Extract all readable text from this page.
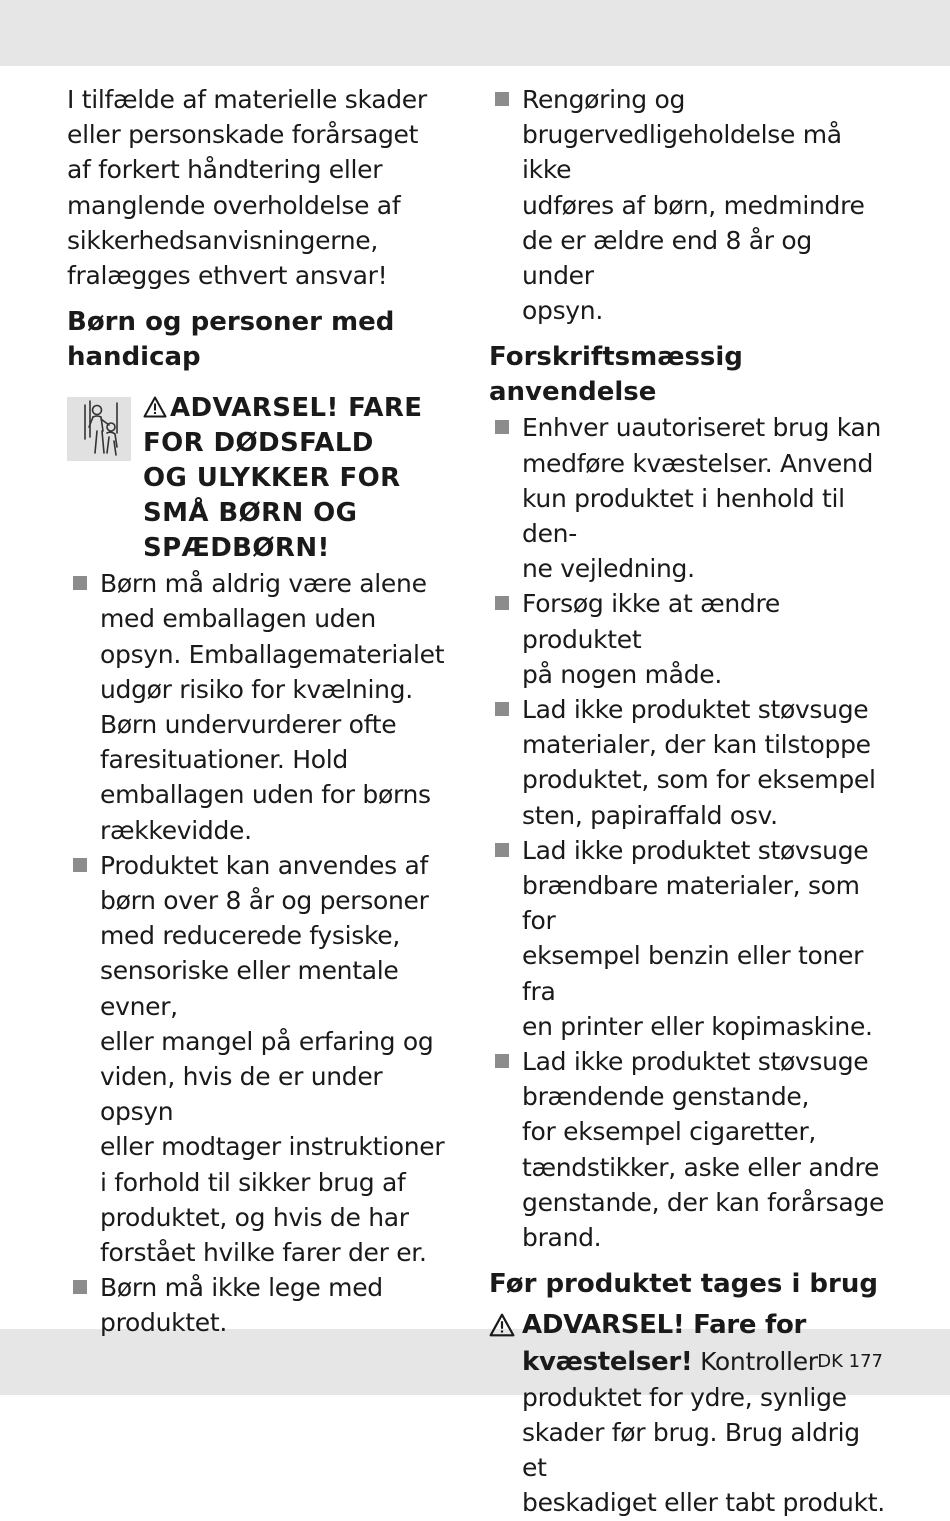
DK 177
I tilfælde af materielle skader
eller personskade forårsaget
af forkert håndtering eller
manglende overholdelse af
sikkerhedsanvisningerne,
fralægges ethvert ansvar!
Børn og personer med
handicap
ADVARSEL! FARE
FOR DØDSFALD
OG ULYKKER FOR
SMÅ BØRN OG
SPÆDBØRN!
Børn må aldrig være alene
med emballagen uden
opsyn. Emballagematerialet
udgør risiko for kvælning.
Børn undervurderer ofte
faresituationer. Hold
emballagen uden for børns
rækkevidde.
Produktet kan anvendes af
børn over 8 år og personer
med reducerede fysiske,
sensoriske eller mentale evner,
eller mangel på erfaring og
viden, hvis de er under opsyn
eller modtager instruktioner
i forhold til sikker brug af
produktet, og hvis de har
forstået hvilke farer der er.
Børn må ikke lege med
produktet.
Rengøring og
brugervedligeholdelse må ikke
udføres af børn, medmindre
de er ældre end 8 år og under
opsyn.
Forskriftsmæssig
anvendelse
Enhver uautoriseret brug kan
medføre kvæstelser. Anvend
kun produktet i henhold til den-
ne vejledning.
Forsøg ikke at ændre produktet
på nogen måde.
Lad ikke produktet støvsuge
materialer, der kan tilstoppe
produktet, som for eksempel
sten, papiraffald osv.
Lad ikke produktet støvsuge
brændbare materialer, som for
eksempel benzin eller toner fra
en printer eller kopimaskine.
Lad ikke produktet støvsuge
brændende genstande,
for eksempel cigaretter,
tændstikker, aske eller andre
genstande, der kan forårsage
brand.
Før produktet tages i brug
ADVARSEL! Fare for
kvæstelser! Kontroller
produktet for ydre, synlige
skader før brug. Brug aldrig et
beskadiget eller tabt produkt.
